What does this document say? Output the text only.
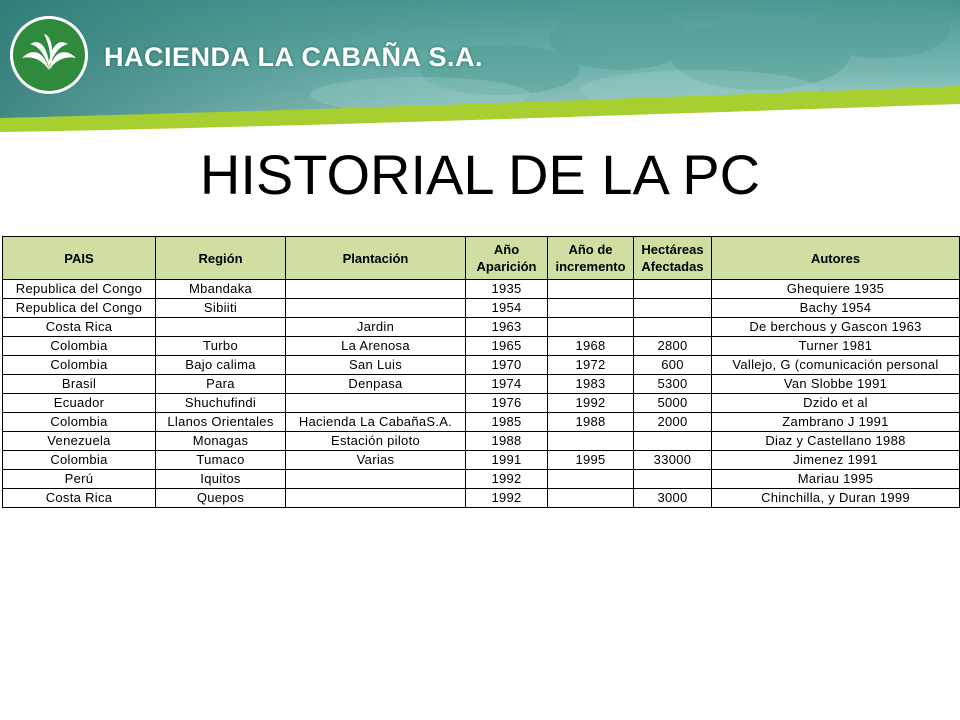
HACIENDA LA CABAÑA S.A.
HISTORIAL DE LA PC
PAIS	Región	Plantación	Año Aparición	Año de incremento	Hectáreas Afectadas	Autores
Republica del Congo	Mbandaka		1935			Ghequiere 1935
Republica del Congo	Sibiiti		1954			Bachy 1954
Costa Rica		Jardin	1963			De berchous y Gascon 1963
Colombia	Turbo	La Arenosa	1965	1968	2800	Turner 1981
Colombia	Bajo calima	San Luis	1970	1972	600	Vallejo, G (comunicación personal
Brasil	Para	Denpasa	1974	1983	5300	Van Slobbe 1991
Ecuador	Shuchufindi		1976	1992	5000	Dzido et al
Colombia	Llanos Orientales	Hacienda La CabañaS.A.	1985	1988	2000	Zambrano J 1991
Venezuela	Monagas	Estación piloto	1988			Diaz y Castellano 1988
Colombia	Tumaco	Varias	1991	1995	33000	Jimenez 1991
Perú	Iquitos		1992			Mariau 1995
Costa Rica	Quepos		1992		3000	Chinchilla, y Duran 1999
